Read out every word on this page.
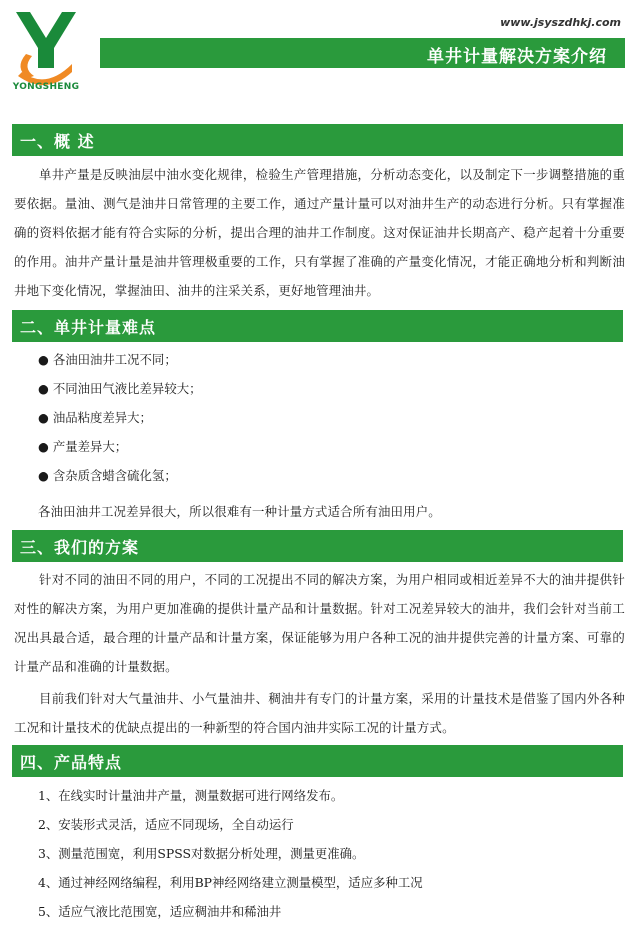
YONGSHENG
www.jsyszdhkj.com
单井计量解决方案介绍
一、概 述

单井产量是反映油层中油水变化规律，检验生产管理措施，分析动态变化，以及制定下一步调整措施的重要依据。量油、测气是油井日常管理的主要工作，通过产量计量可以对油井生产的动态进行分析。只有掌握准确的资料依据才能有符合实际的分析，提出合理的油井工作制度。这对保证油井长期高产、稳产起着十分重要的作用。油井产量计量是油井管理极重要的工作，只有掌握了准确的产量变化情况，才能正确地分析和判断油井地下变化情况，掌握油田、油井的注采关系，更好地管理油井。

二、单井计量难点
● 各油田油井工况不同；
● 不同油田气液比差异较大；
● 油品粘度差异大；
● 产量差异大；
● 含杂质含蜡含硫化氢；

各油田油井工况差异很大，所以很难有一种计量方式适合所有油田用户。

三、我们的方案

针对不同的油田不同的用户，不同的工况提出不同的解决方案，为用户相同或相近差异不大的油井提供针对性的解决方案，为用户更加准确的提供计量产品和计量数据。针对工况差异较大的油井，我们会针对当前工况出具最合适，最合理的计量产品和计量方案，保证能够为用户各种工况的油井提供完善的计量方案、可靠的计量产品和准确的计量数据。

目前我们针对大气量油井、小气量油井、稠油井有专门的计量方案，采用的计量技术是借鉴了国内外各种工况和计量技术的优缺点提出的一种新型的符合国内油井实际工况的计量方式。

四、产品特点
1、在线实时计量油井产量，测量数据可进行网络发布。
2、安装形式灵活，适应不同现场，全自动运行
3、测量范围宽，利用SPSS对数据分析处理，测量更准确。
4、通过神经网络编程，利用BP神经网络建立测量模型，适应多种工况
5、适应气液比范围宽，适应稠油井和稀油井
